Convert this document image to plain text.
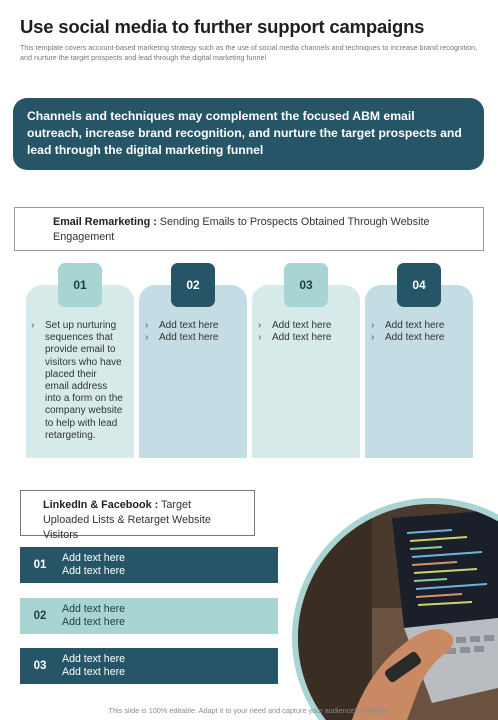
Use social media to further support campaigns
This template covers account-based marketing strategy such as the use of social media channels and techniques to increase brand recognition, and nurture the target prospects and lead through the digital marketing funnel
Channels and techniques may complement the focused ABM email outreach, increase brand recognition, and nurture the target prospects and lead through the digital marketing funnel
Email Remarketing : Sending Emails to Prospects Obtained Through Website Engagement
01	02	03	04
› Set up nurturing sequences that provide email to visitors who have placed their email address into a form on the company website to help with lead retargeting.
› Add text here
› Add text here
› Add text here
› Add text here
› Add text here
› Add text here
LinkedIn & Facebook : Target Uploaded Lists & Retarget Website Visitors
01
Add text here
Add text here
02
Add text here
Add text here
03
Add text here
Add text here
This slide is 100% editable. Adapt it to your need and capture your audience's attention
